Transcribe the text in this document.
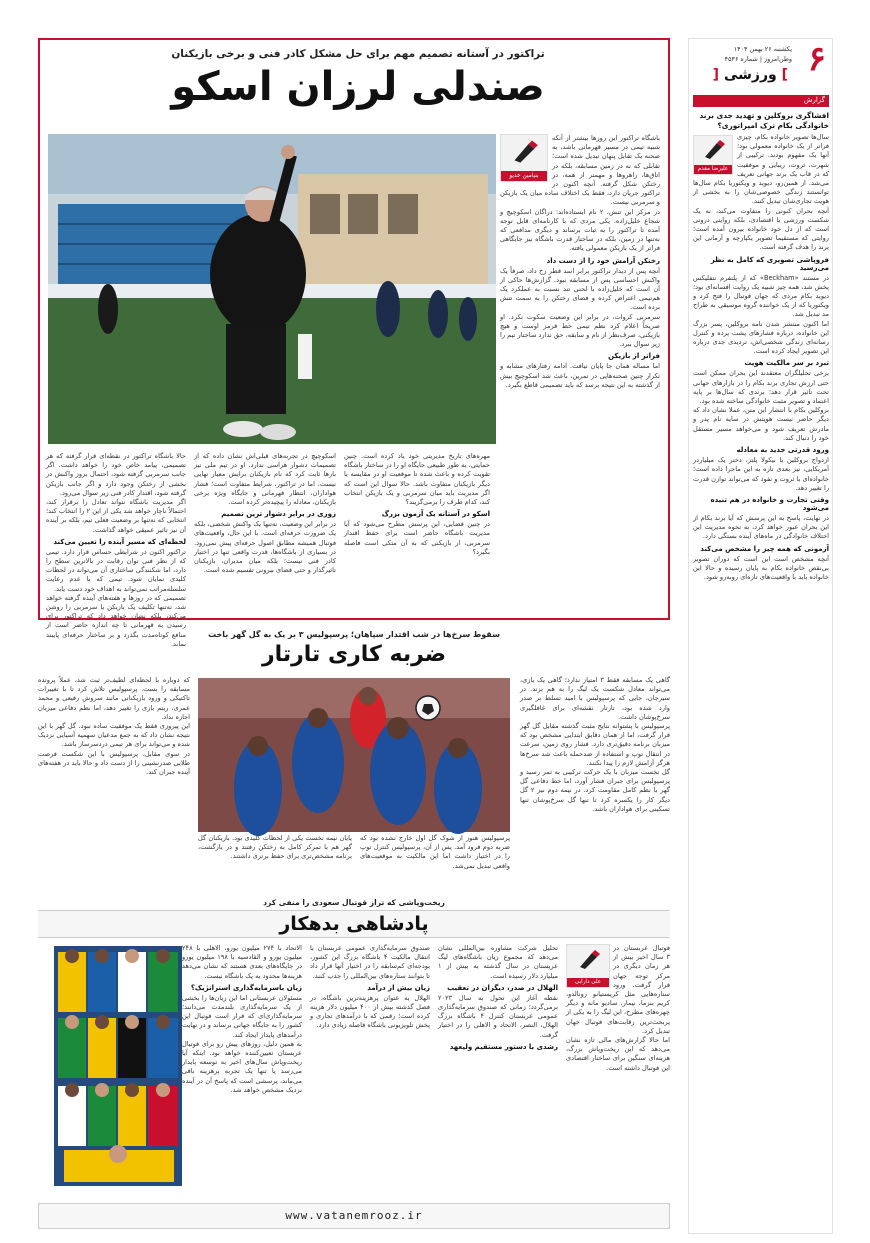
۶
یکشنبه ۲۶ بهمن ۱۴۰۴
وطن‌امروز | شماره ۴۵۳۶
] ورزشی [
گزارش
افشاگری بروکلین و تهدید جدی برند خانوادگی بکام ترک امپراتوری؟
علیرضا مقدم

سال‌ها تصویر خانواده بکام، چیزی فراتر از یک خانواده معمولی بود؛ آنها یک مفهوم بودند. ترکیبی از شهرت، ثروت، زیبایی و موفقیت که در قاب یک برند جهانی تعریف می‌شد. از همین‌رو، دیوید و ویکتوریا بکام سال‌ها توانستند زندگی خصوصی‌شان را به بخشی از هویت تجاری‌شان تبدیل کنند.

آنچه بحران کنونی را متفاوت می‌کند، نه یک شکست ورزشی یا اقتصادی، بلکه روایتی درونی است که از دل خود خانواده بیرون آمده است؛ روایتی که مستقیما تصویر یکپارچه و آرمانی این برند را هدف گرفته است.

فروپاشی تصویری که کامل به نظر می‌رسید

در مستند «Beckham» که از پلتفرم نتفلیکس پخش شد، همه چیز شبیه یک روایت افسانه‌ای بود؛ دیوید بکام مردی که جهان فوتبال را فتح کرد و ویکتوریا که از یک خواننده گروه موسیقی به طراح مد تبدیل شد.

اما اکنون منتشر شدن نامه بروکلین، پسر بزرگ این خانواده، درباره فشارهای پشت پرده و کنترل رسانه‌ای زندگی شخصی‌اش، تردیدی جدی درباره این تصویر ایجاد کرده است.

تبرد بر سر مالکیت هویت

برخی تحلیلگران معتقدند این بحران ممکن است حتی ارزش تجاری برند بکام را در بازارهای جهانی تحت تاثیر قرار دهد؛ برندی که سال‌ها بر پایه اعتماد و تصویر مثبت خانوادگی ساخته شده بود.

بروکلین بکام با انتشار این متن، عملا نشان داد که دیگر حاضر نیست هویتش در سایه نام پدر و مادرش تعریف شود و می‌خواهد مسیر مستقل خود را دنبال کند.

ورود قدرتی جدید به معادله

ازدواج بروکلین با نیکولا پلتز، دختر یک میلیاردر آمریکایی، نیز بعدی تازه به این ماجرا داده است؛ خانواده‌ای با ثروت و نفوذ که می‌تواند توازن قدرت را تغییر دهد.

وقتی تجارت و خانواده در هم تنیده می‌شود

در نهایت، پاسخ به این پرسش که آیا برند بکام از این بحران عبور خواهد کرد، به نحوه مدیریت این اختلاف خانوادگی در ماه‌های آینده بستگی دارد.

آزمونی که همه چیز را مشخص می‌کند

آنچه مشخص است این است که دوران تصویر بی‌نقص خانواده بکام به پایان رسیده و حالا این خانواده باید با واقعیت‌های تازه‌ای روبه‌رو شود.

تراکتور در آستانه تصمیم مهم برای حل مشکل کادر فنی و برخی بازیکنان
صندلی لرزان اسکو
بنیامین خدیو

باشگاه تراکتور این روزها بیشتر از آنکه شبیه تیمی در مسیر قهرمانی باشد، به صحنه یک تقابل پنهان تبدیل شده است؛ تقابلی که نه در زمین مسابقه، بلکه در اتاق‌ها، راهروها و مهمتر از همه، در رختکن شکل گرفته. آنچه اکنون در تراکتور جریان دارد، فقط یک اختلاف ساده میان یک بازیکن و سرمربی نیست.

در مرکز این تنش، ۲ نام ایستاده‌اند: دراگان اسکوچیچ و شجاع خلیل‌زاده. یکی مردی که با کارنامه‌ای قابل توجه آمده تا تراکتور را به ثبات برساند و دیگری مدافعی که نه‌تنها در زمین، بلکه در ساختار قدرت باشگاه نیز جایگاهی فراتر از یک بازیکن معمولی یافته.

رختکن آرامش خود را از دست داد

آنچه پس از دیدار تراکتور برابر اسد قطر رخ داد، صرفاً یک واکنش احساسی پس از مسابقه نبود. گزارش‌ها حاکی از آن است که خلیل‌زاده با لحنی تند نسبت به عملکرد یک هم‌تیمی اعتراض کرده و فضای رختکن را به سمت تنش برده است.

سرمربی کروات، در برابر این وضعیت سکوت نکرد. او صریحاً اعلام کرد نظم تیمی خط قرمز اوست و هیچ بازیکنی، صرف‌نظر از نام و سابقه، حق ندارد ساختار تیم را زیر سوال ببرد.

فراتر از بازیکن

اما مساله همان جا پایان نیافت. ادامه رفتارهای مشابه و تکرار چنین صحنه‌هایی در تمرین، باعث شد اسکوچیچ بیش از گذشته به این نتیجه برسد که باید تصمیمی قاطع بگیرد.

مهره‌های تاریخ مدیریتی خود یاد کرده است. چنین حمایتی، به طور طبیعی جایگاه او را در ساختار باشگاه تقویت کرده و باعث شده تا موقعیت او در مقایسه با دیگر بازیکنان متفاوت باشد. حالا سوال این است که اگر مدیریت باید میان سرمربی و یک بازیکن انتخاب کند، کدام طرف را برمی‌گزیند؟

اسکو در آستانه یک آزمون بزرگ

در چنین فضایی، این پرسش مطرح می‌شود که آیا مدیریت باشگاه حاضر است برای حفظ اقتدار سرمربی، از بازیکنی که به آن متکی است فاصله بگیرد؟

اسکوچیچ در تجربه‌های قبلی‌اش نشان داده که از تصمیمات دشوار هراسی ندارد. او در تیم ملی نیز بارها ثابت کرد که نام بازیکنان برایش معیار نهایی نیست. اما در تراکتور، شرایط متفاوت است؛ فشار هواداران، انتظار قهرمانی و جایگاه ویژه برخی بازیکنان، معادله را پیچیده‌تر کرده است.

زوری در برابر دشوار ترین تصمیم

در برابر این وضعیت، نه‌تنها یک واکنش شخصی، بلکه یک ضرورت حرفه‌ای است. با این حال، واقعیت‌های فوتبال همیشه مطابق اصول حرفه‌ای پیش نمی‌رود. در بسیاری از باشگاه‌ها، قدرت واقعی تنها در اختیار کادر فنی نیست؛ بلکه میان مدیران، بازیکنان تاثیرگذار و حتی فضای بیرونی تقسیم شده است.

حالا باشگاه تراکتور در نقطه‌ای قرار گرفته که هر تصمیمی، پیامد خاص خود را خواهد داشت. اگر جانب سرمربی گرفته شود، احتمال بروز واکنش در بخشی از رختکن وجود دارد و اگر جانب بازیکن گرفته شود، اقتدار کادر فنی زیر سوال می‌رود.

اگر مدیریت باشگاه نتواند تعادل را برقرار کند، احتمالاً ناچار خواهد شد یکی از این ۲ را انتخاب کند؛ انتخابی که نه‌تنها بر وضعیت فعلی تیم، بلکه بر آینده آن نیز تاثیر عمیقی خواهد گذاشت.

لحظه‌ای که مسیر آینده را تعیین می‌کند

تراکتور اکنون در شرایطی حساس قرار دارد. تیمی که از نظر فنی توان رقابت در بالاترین سطح را دارد، اما شکنندگی ساختاری آن می‌تواند در لحظات کلیدی نمایان شود. تیمی که با عدم رعایت سلسله‌مراتب نمی‌تواند به اهداف خود دست یابد.

تصمیمی که در روزها و هفته‌های آینده گرفته خواهد شد، نه‌تنها تکلیف یک بازیکن یا سرمربی را روشن می‌کند، بلکه نشان خواهد داد که تراکتور برای رسیدن به قهرمانی تا چه اندازه حاضر است از منافع کوتاه‌مدت بگذرد و بر ساختار حرفه‌ای پایبند بماند.

سقوط سرخ‌ها در شب اقتدار سپاهان؛ پرسپولیس ۳ بر یک به گل گهر باخت
ضربه کاری تارتار

گاهی یک مسابقه فقط ۳ امتیاز ندارد؛ گاهی یک بازی، می‌تواند معادل شکست یک لیگ را به هم بزند. در سیرجان، جایی که پرسپولیس با امید تسلط بر صدر وارد شده بود، تارتار نقشه‌ای برای غافلگیری سرخ‌پوشان داشت.

پرسپولیس با پشتوانه نتایج مثبت گذشته مقابل گل گهر قرار گرفت، اما از همان دقایق ابتدایی مشخص بود که میزبان برنامه دقیق‌تری دارد. فشار روی زمین، سرعت در انتقال توپ و استفاده از ضدحمله باعث شد سرخ‌ها هرگز آرامش لازم را پیدا نکنند.

گل نخست میزبان با یک حرکت ترکیبی به ثمر رسید و پرسپولیس برای جبران فشار آورد، اما خط دفاعی گل گهر با نظم کامل مقاومت کرد. در نیمه دوم نیز ۲ گل دیگر کار را یکسره کرد تا تنها گل سرخ‌پوشان تنها تسکینی برای هواداران باشد.

پرسپولیس هنوز از شوک گل اول خارج نشده بود که ضربه دوم فرود آمد. پس از آن، پرسپولیس کنترل توپ را در اختیار داشت اما این مالکیت به موقعیت‌های واقعی تبدیل نمی‌شد.

پایان نیمه نخست یکی از لحظات کلیدی بود. بازیکنان گل گهر هم با تمرکز کامل به رختکن رفتند و در بازگشت، برنامه مشخص‌تری برای حفظ برتری داشتند.

که دوباره با لحظه‌ای لطیف‌تر ثبت شد، عملاً پرونده مسابقه را بست. پرسپولیس تلاش کرد تا با تغییرات تاکتیکی و ورود بازیکنانی مانند سروش رفیعی و محمد عمری، ریتم بازی را تغییر دهد، اما نظم دفاعی میزبان اجازه نداد.

این پیروزی فقط یک موفقیت ساده نبود. گل گهر با این نتیجه نشان داد که به جمع مدعیان سهمیه آسیایی نزدیک شده و می‌تواند برای هر تیمی دردسرساز باشد.

در سوی مقابل، پرسپولیس با این شکست فرصت طلایی صدرنشینی را از دست داد و حالا باید در هفته‌های آینده جبران کند.

ریخت‌وپاشی که تراز فوتبال سعودی را منفی کرد
پادشاهی بدهکار
علی دارابی

فوتبال عربستان در ۳ سال اخیر بیش از هر زمان دیگری در مرکز توجه جهان قرار گرفت. ورود ستاره‌هایی مثل کریستیانو رونالدو، کریم بنزما، نیمار، سادیو مانه و دیگر چهره‌های مطرح، این لیگ را به یکی از پربحث‌ترین رقابت‌های فوتبال جهان تبدیل کرد.

اما حالا گزارش‌های مالی تازه نشان می‌دهد که این ریخت‌وپاش بزرگ، هزینه‌ای سنگین برای ساختار اقتصادی این فوتبال داشته است.

تحلیل شرکت مشاوره بین‌المللی نشان می‌دهد که مجموع زیان باشگاه‌های لیگ عربستان در سال گذشته به بیش از ۱ میلیارد دلار رسیده است.

الهلال در صدر، دیگران در تعقیب

نقطه آغاز این تحول به سال ۲۰۲۳ برمی‌گردد؛ زمانی که صندوق سرمایه‌گذاری عمومی عربستان کنترل ۴ باشگاه بزرگ الهلال، النصر، الاتحاد و الاهلی را در اختیار گرفت.

رشدی با دستور مستقیم ولیعهد

صندوق سرمایه‌گذاری عمومی عربستان با انتقال مالکیت ۴ باشگاه بزرگ این کشور، بودجه‌ای کم‌سابقه را در اختیار آنها قرار داد تا بتوانند ستاره‌های بین‌المللی را جذب کنند.

زیان بیش از درآمد

الهلال به عنوان پرهزینه‌ترین باشگاه، در فصل گذشته بیش از ۴۰۰ میلیون دلار هزینه کرده است؛ رقمی که با درآمدهای تجاری و پخش تلویزیونی باشگاه فاصله زیادی دارد.

الاتحاد با ۲۷۴ میلیون یورو، الاهلی با ۲۴۸ میلیون یورو و القادسیه با ۱۹۸ میلیون یورو در جایگاه‌های بعدی هستند که نشان می‌دهد هزینه‌ها محدود به یک باشگاه نیست.

زیان باسرمایه‌گذاری استراتژیک؟

مسئولان عربستانی اما این زیان‌ها را بخشی از یک سرمایه‌گذاری بلندمدت می‌دانند؛ سرمایه‌گذاری‌ای که قرار است فوتبال این کشور را به جایگاه جهانی برساند و در نهایت درآمدهای پایدار ایجاد کند.

به همین دلیل، روزهای پیش رو برای فوتبال عربستان تعیین‌کننده خواهد بود. اینکه آیا ریخت‌وپاش سال‌های اخیر به توسعه پایدار می‌رسد یا تنها یک تجربه پرهزینه باقی می‌ماند، پرسشی است که پاسخ آن در آینده نزدیک مشخص خواهد شد.

www.vatanemrooz.ir
